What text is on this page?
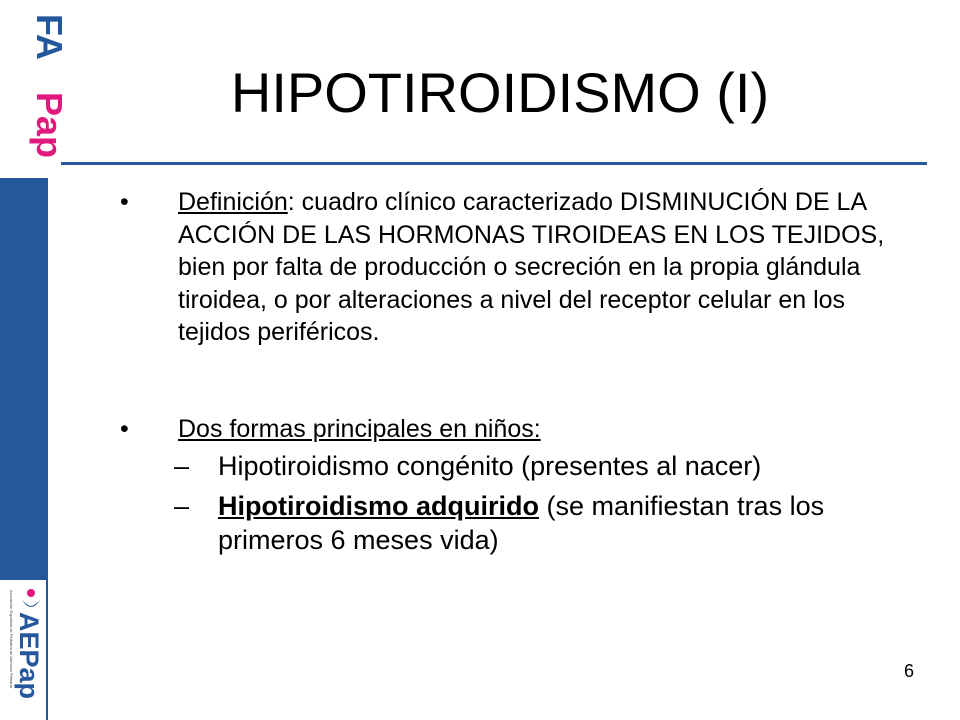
FA
Pap
Asociación Española de Pediatría de Atención Primaria AEPap
HIPOTIROIDISMO (I)
• Definición: cuadro clínico caracterizado DISMINUCIÓN DE LA ACCIÓN DE LAS HORMONAS TIROIDEAS EN LOS TEJIDOS, bien por falta de producción o secreción en la propia glándula tiroidea, o por alteraciones a nivel del receptor celular en los tejidos periféricos.
• Dos formas principales en niños:
– Hipotiroidismo congénito (presentes al nacer)
– Hipotiroidismo adquirido (se manifiestan tras los primeros 6 meses vida)
6
